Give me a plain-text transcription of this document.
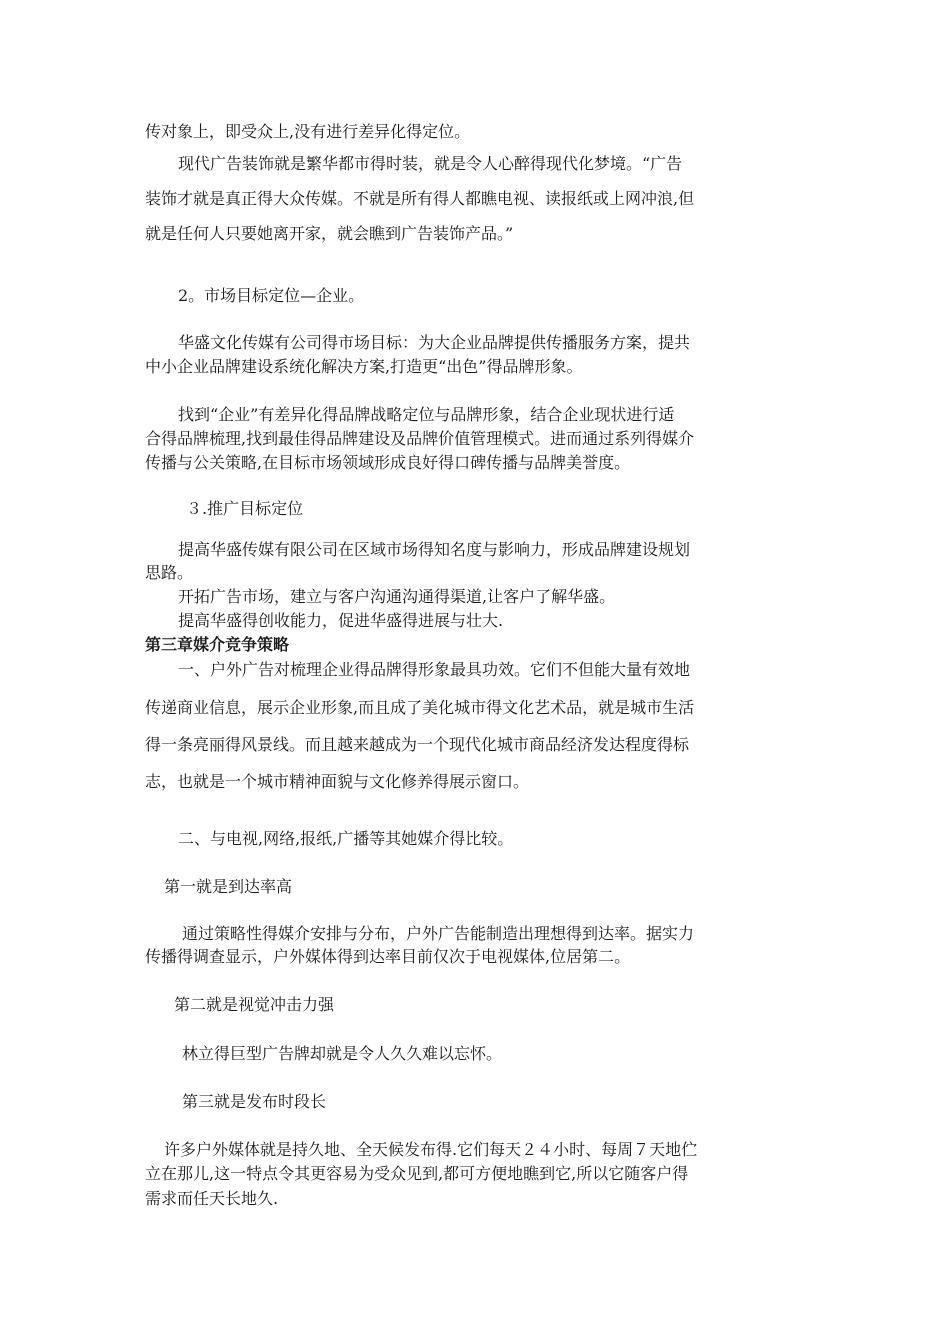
传对象上，即受众上,没有进行差异化得定位。

现代广告装饰就是繁华都市得时装，就是令人心醉得现代化梦境。“广告

装饰才就是真正得大众传媒。不就是所有得人都瞧电视、读报纸或上网冲浪,但

就是任何人只要她离开家，就会瞧到广告装饰产品。”

2。市场目标定位—企业。

华盛文化传媒有公司得市场目标：为大企业品牌提供传播服务方案，提共

中小企业品牌建设系统化解决方案,打造更“出色”得品牌形象。

找到“企业”有差异化得品牌战略定位与品牌形象，结合企业现状进行适

合得品牌梳理,找到最佳得品牌建设及品牌价值管理模式。进而通过系列得媒介

传播与公关策略,在目标市场领域形成良好得口碑传播与品牌美誉度。

３.推广目标定位

提高华盛传媒有限公司在区域市场得知名度与影响力，形成品牌建设规划

思路。

开拓广告市场，建立与客户沟通沟通得渠道,让客户了解华盛。

提高华盛得创收能力，促进华盛得进展与壮大.

第三章媒介竞争策略

一、户外广告对梳理企业得品牌得形象最具功效。它们不但能大量有效地

传递商业信息，展示企业形象,而且成了美化城市得文化艺术品，就是城市生活

得一条亮丽得风景线。而且越来越成为一个现代化城市商品经济发达程度得标

志，也就是一个城市精神面貌与文化修养得展示窗口。

二、与电视,网络,报纸,广播等其她媒介得比较。

第一就是到达率高

通过策略性得媒介安排与分布，户外广告能制造出理想得到达率。据实力

传播得调查显示，户外媒体得到达率目前仅次于电视媒体,位居第二。

第二就是视觉冲击力强

林立得巨型广告牌却就是令人久久难以忘怀。

第三就是发布时段长

许多户外媒体就是持久地、全天候发布得.它们每天２４小时、每周７天地伫

立在那儿,这一特点令其更容易为受众见到,都可方便地瞧到它,所以它随客户得

需求而任天长地久.
